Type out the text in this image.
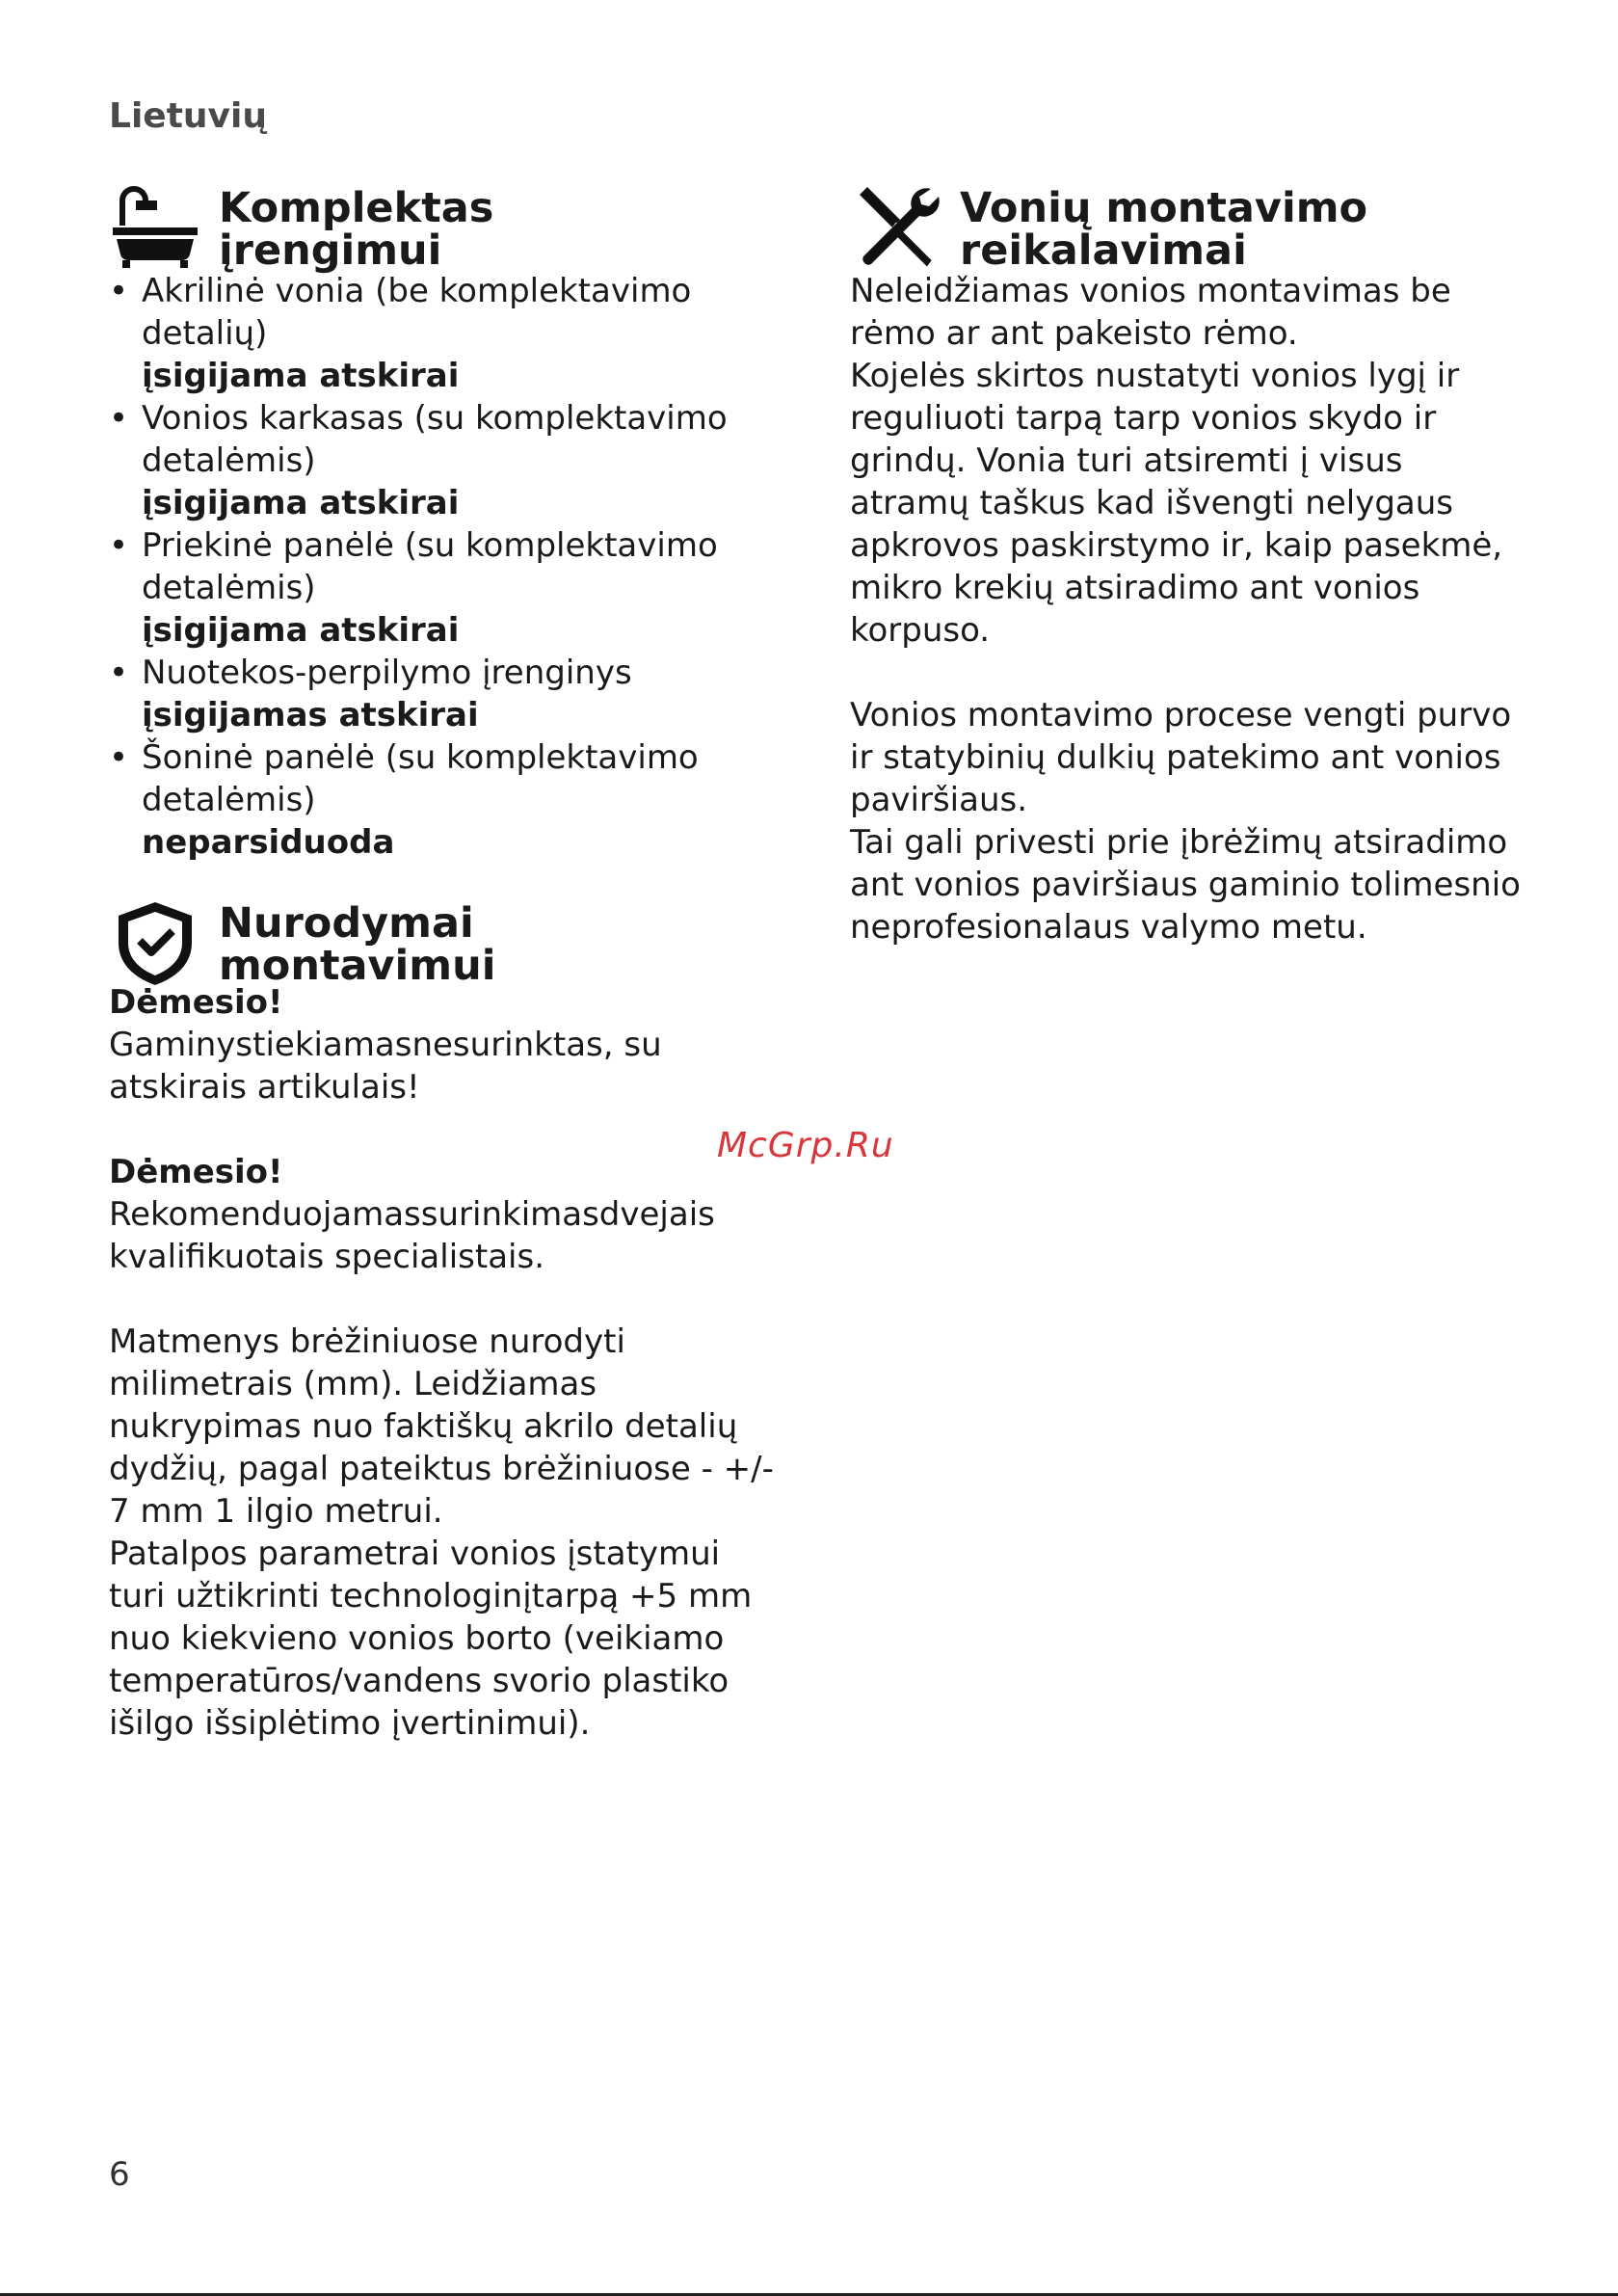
Lietuvių
Komplektas
įrengimui
• Akrilinė vonia (be komplektavimo detalių)
įsigijama atskirai
• Vonios karkasas (su komplektavimo detalėmis)
įsigijama atskirai
• Priekinė panėlė (su komplektavimo detalėmis)
įsigijama atskirai
• Nuotekos-perpilymo įrenginys
įsigijamas atskirai
• Šoninė panėlė (su komplektavimo detalėmis)
neparsiduoda
Nurodymai
montavimui

Dėmesio!

Gaminystiekiamasnesurinktas, su atskirais artikulais!

Dėmesio!

Rekomenduojamassurinkimasdvejais kvalifikuotais specialistais.

Matmenys brėžiniuose nurodyti milimetrais (mm). Leidžiamas nukrypimas nuo faktiškų akrilo detalių dydžių, pagal pateiktus brėžiniuose - +/- 7 mm 1 ilgio metrui.

Patalpos parametrai vonios įstatymui turi užtikrinti technologinįtarpą +5 mm nuo kiekvieno vonios borto (veikiamo temperatūros/vandens svorio plastiko išilgo išsiplėtimo įvertinimui).

Vonių montavimo
reikalavimai

Neleidžiamas vonios montavimas be rėmo ar ant pakeisto rėmo.

Kojelės skirtos nustatyti vonios lygį ir reguliuoti tarpą tarp vonios skydo ir grindų. Vonia turi atsiremti į visus atramų taškus kad išvengti nelygaus apkrovos paskirstymo ir, kaip pasekmė, mikro krekių atsiradimo ant vonios korpuso.

Vonios montavimo procese vengti purvo ir statybinių dulkių patekimo ant vonios paviršiaus.

Tai gali privesti prie įbrėžimų atsiradimo ant vonios paviršiaus gaminio tolimesnio neprofesionalaus valymo metu.

McGrp.Ru
6
